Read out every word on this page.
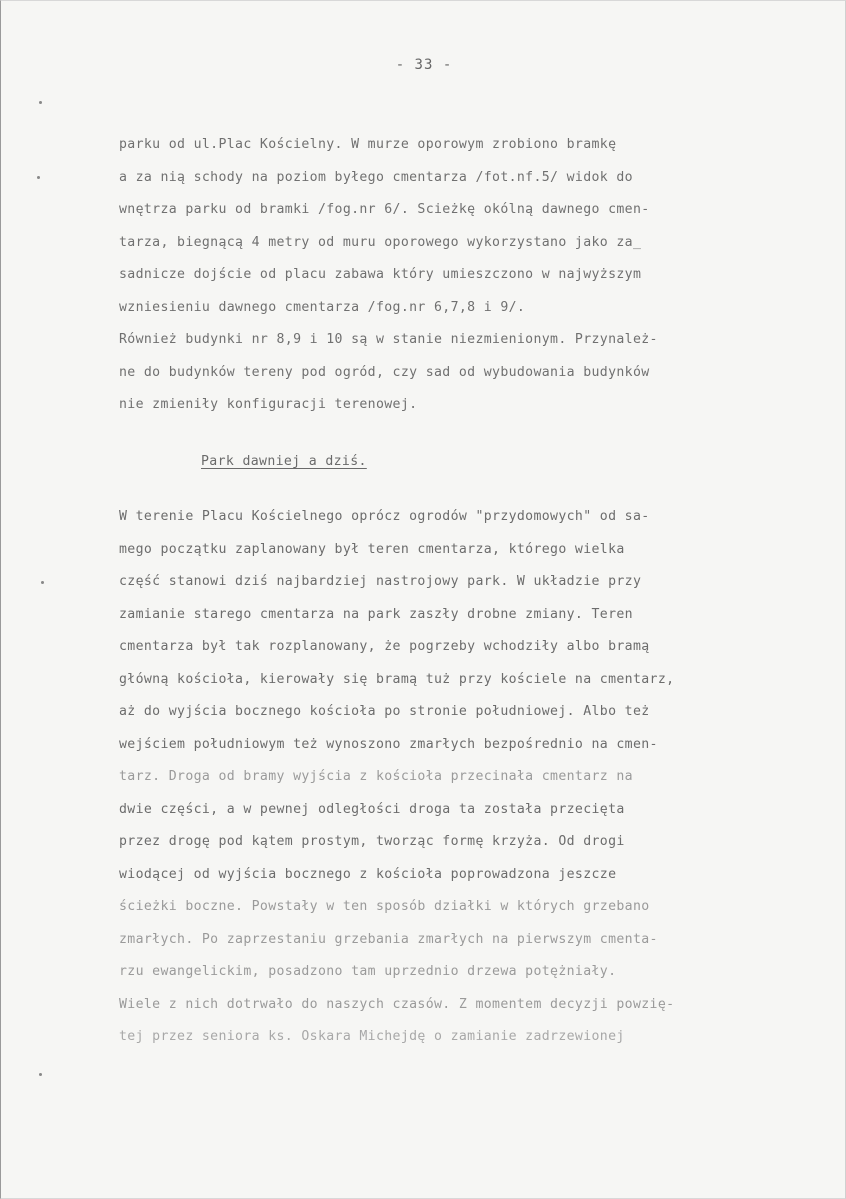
- 33 -
parku od ul.Plac Kościelny. W murze oporowym zrobiono bramkę
a za nią schody na poziom byłego cmentarza /fot.nf.5/ widok do
wnętrza parku od bramki /fog.nr 6/. Scieżkę okólną dawnego cmen-
tarza, biegnącą 4 metry od muru oporowego wykorzystano jako za_
sadnicze dojście od placu zabawa który umieszczono w najwyższym
wzniesieniu dawnego cmentarza /fog.nr 6,7,8 i 9/.
Również budynki nr 8,9 i 10 są w stanie niezmienionym. Przynależ-
ne do budynków tereny pod ogród, czy sad od wybudowania budynków
nie zmieniły konfiguracji terenowej.
Park dawniej a dziś.
W terenie Placu Kościelnego oprócz ogrodów "przydomowych" od sa-
mego początku zaplanowany był teren cmentarza, którego wielka
część stanowi dziś najbardziej nastrojowy park. W układzie przy
zamianie starego cmentarza na park zaszły drobne zmiany. Teren
cmentarza był tak rozplanowany, że pogrzeby wchodziły albo bramą
główną kościoła, kierowały się bramą tuż przy kościele na cmentarz,
aż do wyjścia bocznego kościoła po stronie południowej. Albo też
wejściem południowym też wynoszono zmarłych bezpośrednio na cmen-
tarz. Droga od bramy wyjścia z kościoła przecinała cmentarz na
dwie części, a w pewnej odległości droga ta została przecięta
przez drogę pod kątem prostym, tworząc formę krzyża. Od drogi
wiodącej od wyjścia bocznego z kościoła poprowadzona jeszcze
ścieżki boczne. Powstały w ten sposób działki w których grzebano
zmarłych. Po zaprzestaniu grzebania zmarłych na pierwszym cmenta-
rzu ewangelickim, posadzono tam uprzednio drzewa potężniały.
Wiele z nich dotrwało do naszych czasów. Z momentem decyzji powzię-
tej przez seniora ks. Oskara Michejdę o zamianie zadrzewionej
